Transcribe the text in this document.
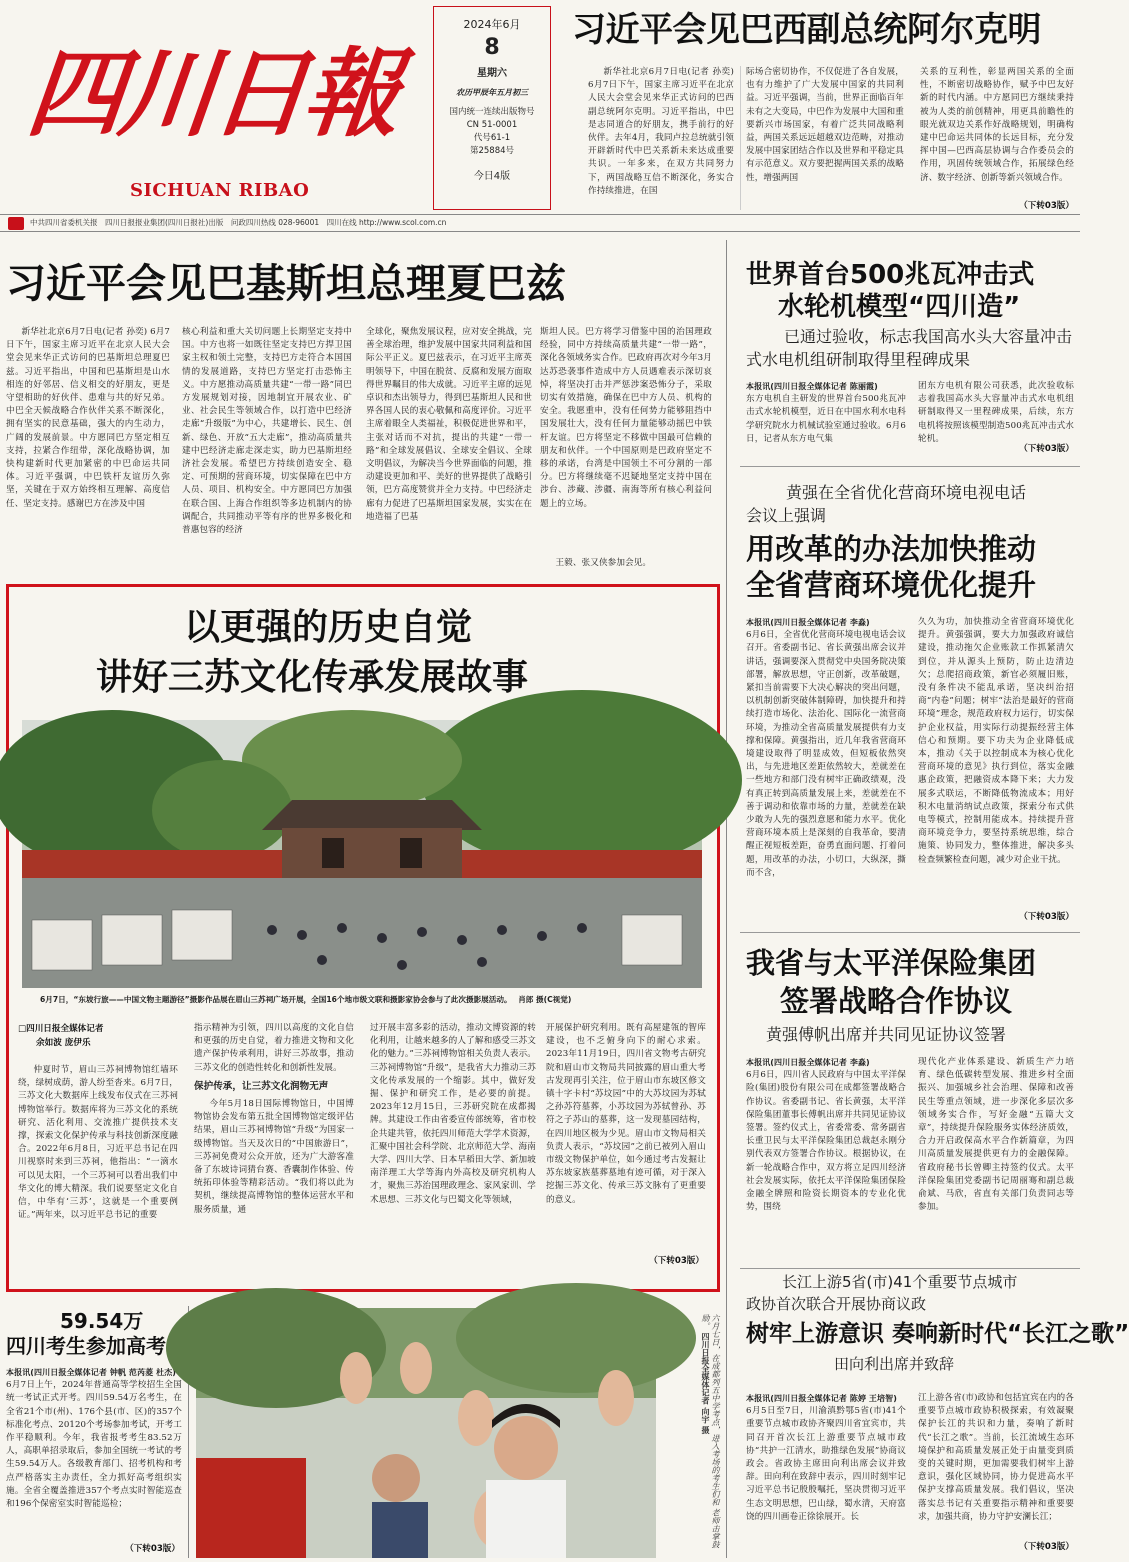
四川日報
SICHUAN RIBAO
2024年6月
8
星期六
农历甲辰年五月初三
国内统一连续出版物号
CN 51-0001
代号61-1
第25884号
今日4版
中共四川省委机关报　四川日报报业集团(四川日报社)出版　问政四川热线 028-96001　四川在线 http://www.scol.com.cn
习近平会见巴西副总统阿尔克明

新华社北京6月7日电(记者 孙奕) 6月7日下午，国家主席习近平在北京人民大会堂会见来华正式访问的巴西副总统阿尔克明。习近平指出，中巴是志同道合的好朋友，携手前行的好伙伴。去年4月，我同卢拉总统就引领开辟新时代中巴关系新未来达成重要共识。一年多来，在双方共同努力下，两国战略互信不断深化，务实合作持续推进，在国

际场合密切协作，不仅促进了各自发展，也有力维护了广大发展中国家的共同利益。习近平强调，当前，世界正面临百年未有之大变局，中巴作为发展中大国和重要新兴市场国家，有着广泛共同战略利益，两国关系远远超越双边范畴，对推动发展中国家团结合作以及世界和平稳定具有示范意义。双方要把握两国关系的战略性，增强两国

关系的互利性，彰显两国关系的全面性，不断密切战略协作，赋予中巴友好新的时代内涵。中方愿同巴方继续秉持被为人类的前创精神，用更具前瞻性的眼光就双边关系作好战略规划，明确构建中巴命运共同体的长远目标，充分发挥中国—巴西高层协调与合作委员会的作用，巩固传统领域合作，拓展绿色经济、数字经济、创新等新兴领域合作。

（下转03版）
习近平会见巴基斯坦总理夏巴兹

新华社北京6月7日电(记者 孙奕) 6月7日下午，国家主席习近平在北京人民大会堂会见来华正式访问的巴基斯坦总理夏巴兹。习近平指出，中国和巴基斯坦是山水相连的好邻居、信义相交的好朋友，更是守望相助的好伙伴、患难与共的好兄弟。中巴全天候战略合作伙伴关系不断深化，拥有坚实的民意基础，强大的内生动力，广阔的发展前景。中方愿同巴方坚定相互支持，拉紧合作纽带，深化战略协调，加快构建新时代更加紧密的中巴命运共同体。习近平强调，中巴铁杆友谊历久弥坚，关键在于双方始终相互理解、高度信任、坚定支持。感谢巴方在涉及中国

核心利益和重大关切问题上长期坚定支持中国。中方也将一如既往坚定支持巴方捍卫国家主权和领土完整，支持巴方走符合本国国情的发展道路，支持巴方坚定打击恐怖主义。中方愿推动高质量共建“一带一路”同巴方发展规划对接，因地制宜开展农业、矿业、社会民生等领域合作，以打造中巴经济走廊“升级版”为中心，共建增长、民生、创新、绿色、开放“五大走廊”，推动高质量共建中巴经济走廊走深走实，助力巴基斯坦经济社会发展。希望巴方持续创造安全、稳定、可预期的营商环境，切实保障在巴中方人员、项目、机构安全。中方愿同巴方加强在联合国、上海合作组织等多边机制内的协调配合，共同推动平等有序的世界多极化和普惠包容的经济

全球化，聚焦发展议程，应对安全挑战，完善全球治理，维护发展中国家共同利益和国际公平正义。夏巴兹表示，在习近平主席英明领导下，中国在脱贫、反腐和发展方面取得世界瞩目的伟大成就。习近平主席的远见卓识和杰出领导力，得到巴基斯坦人民和世界各国人民的衷心敬佩和高度评价。习近平主席着眼全人类福祉，积极促进世界和平，主张对话而不对抗，提出的共建“一带一路”和全球发展倡议、全球安全倡议、全球文明倡议，为解决当今世界面临的问题，推动建设更加和平、美好的世界提供了战略引领，巴方高度赞赏并全力支持。中巴经济走廊有力促进了巴基斯坦国家发展，实实在在地造福了巴基

斯坦人民。巴方将学习借鉴中国的治国理政经验，同中方持续高质量共建“一带一路”，深化各领域务实合作。巴政府再次对今年3月达苏恐袭事件造成中方人员遇难表示深切哀悼，将坚决打击并严惩涉案恐怖分子，采取切实有效措施，确保在巴中方人员、机构的安全。我愿重申，没有任何势力能够阻挡中国发展壮大，没有任何力量能够动摇巴中铁杆友谊。巴方将坚定不移做中国最可信赖的朋友和伙伴。一个中国原则是巴政府坚定不移的承诺，台湾是中国领土不可分割的一部分。巴方将继续毫不迟疑地坚定支持中国在涉台、涉藏、涉疆、南海等所有核心利益问题上的立场。

王毅、张又侠参加会见。

以更强的历史自觉
讲好三苏文化传承发展故事
6月7日，“东坡行旅——中国文物主题游径”摄影作品展在眉山三苏祠广场开展，全国16个地市级文联和摄影家协会参与了此次摄影展活动。 肖郎 摄(C视觉)
□四川日报全媒体记者
余如波 庞伊乐

仲夏时节，眉山三苏祠博物馆红墙环绕，绿树成荫，游人纷至沓来。6月7日，三苏文化大数据库上线发布仪式在三苏祠博物馆举行。数据库将为三苏文化的系统研究、活化利用、交流推广提供技术支撑，探索文化保护传承与科技创新深度融合。2022年6月8日，习近平总书记在四川视察时来到三苏祠，他指出：“一滴水可以见太阳，一个三苏祠可以看出我们中华文化的博大精深。我们说要坚定文化自信，中华有‘三苏’，这就是一个重要例证。”两年来，以习近平总书记的重要

指示精神为引领，四川以高度的文化自信和更强的历史自觉，着力推进文物和文化遗产保护传承利用，讲好三苏故事，推动三苏文化的创造性转化和创新性发展。

保护传承，让三苏文化润物无声

今年5月18日国际博物馆日，中国博物馆协会发布第五批全国博物馆定级评估结果，眉山三苏祠博物馆“升级”为国家一级博物馆。当天及次日的“中国旅游日”，三苏祠免费对公众开放，还为广大游客准备了东坡诗词猜台赛、香囊制作体验、传统拓印体验等精彩活动。“我们将以此为契机，继续提高博物馆的整体运营水平和服务质量，通

过开展丰富多彩的活动，推动文博资源的转化利用，让越来越多的人了解和感受三苏文化的魅力。”三苏祠博物馆相关负责人表示。三苏祠博物馆“升级”，是我省大力推动三苏文化传承发展的一个缩影。其中，做好发掘、保护和研究工作，是必要的前提。2023年12月15日，三苏研究院在成都揭牌。其建设工作由省委宣传部统筹，省市校企共建共管，依托四川师范大学学术资源，汇聚中国社会科学院、北京师范大学、海南大学、四川大学、日本早稻田大学、新加坡南洋理工大学等海内外高校及研究机构人才，聚焦三苏治国理政理念、家风家训、学术思想、三苏文化与巴蜀文化等领域，

开展保护研究利用。既有高屋建瓴的智库建设，也不乏俯身向下的耐心求索。2023年11月19日，四川省文物考古研究院和眉山市文物局共同披露的眉山重大考古发现再引关注，位于眉山市东坡区修文镇十字卡村“苏坟园”中的大苏坟园为苏轼之孙苏符墓葬，小苏坟园为苏轼曾孙、苏符之子苏山的墓葬，这一发现墓园结构，在四川地区极为少见。眉山市文物局相关负责人表示，“苏坟园”之前已被列入眉山市级文物保护单位，如今通过考古发掘让苏东坡家族墓葬墓地有迹可循，对于深入挖掘三苏文化、传承三苏文脉有了更重要的意义。

（下转03版）
世界首台500兆瓦冲击式
水轮机模型“四川造”
已通过验收，标志我国高水头大容量冲击
式水电机组研制取得里程碑成果
本报讯(四川日报全媒体记者 陈丽霞)

东方电机自主研发的世界首台500兆瓦冲击式水轮机模型，近日在中国水利水电科学研究院水力机械试验室通过验收。6月6日，记者从东方电气集

团东方电机有限公司获悉，此次验收标志着我国高水头大容量冲击式水电机组研制取得又一里程碑成果，后续，东方电机将按照该模型制造500兆瓦冲击式水轮机。

（下转03版）
黄强在全省优化营商环境电视电话
会议上强调
用改革的办法加快推动
全省营商环境优化提升
本报讯(四川日报全媒体记者 李淼)

6月6日，全省优化营商环境电视电话会议召开。省委副书记、省长黄强出席会议并讲话，强调要深入贯彻党中央国务院决策部署，解放思想，守正创新，改革破题，紧扣当前需要下大决心解决的突出问题，以机制创新突破体制障碍，加快提升和持续打造市场化、法治化、国际化一流营商环境，为推动全省高质量发展提供有力支撑和保障。黄强指出，近几年我省营商环境建设取得了明显成效，但短板依然突出，与先进地区差距依然较大，差就差在一些地方和部门没有树牢正确政绩观，没有真正转到高质量发展上来，差就差在不善于调动和依靠市场的力量，差就差在缺少敢为人先的强烈意愿和能力水平。优化营商环境本质上是深刻的自我革命，要清醒正视短板差距，奋勇直面问题、打着问题，用改革的办法，小切口，大纵深，撕而不含，

久久为功，加快推动全省营商环境优化提升。黄强强调，要大力加强政府诚信建设，推动拖欠企业账款工作抓紧清欠到位，并从源头上预防，防止边清边欠；总爬招商政策，新官必须履旧账，没有条件决不能乱承诺，坚决纠治招商“内卷”问题；树牢“法治是最好的营商环境”理念，规范政府权力运行，切实保护企业权益，用实际行动提振经营主体信心和预期。要下功夫为企业降低成本，推动《关于以控制成本为核心优化营商环境的意见》执行到位，落实金融惠企政策，把融资成本降下来；大力发展多式联运，不断降低物流成本；用好积木电量消纳试点政策，探索分布式供电等模式，控制用能成本。持续提升营商环境竞争力，要坚持系统思维，综合施策、协同发力，整体推进，解决多头检查频繁检查问题，减少对企业干扰。

（下转03版）
我省与太平洋保险集团
签署战略合作协议
黄强傅帆出席并共同见证协议签署
本报讯(四川日报全媒体记者 李淼)

6月6日，四川省人民政府与中国太平洋保险(集团)股份有限公司在成都签署战略合作协议。省委副书记、省长黄强，太平洋保险集团董事长傅帆出席并共同见证协议签署。签约仪式上，省委常委、常务副省长重卫民与太平洋保险集团总裁赵永刚分别代表双方签署合作协议。根据协议，在新一轮战略合作中，双方将立足四川经济社会发展实际，依托太平洋保险集团保险金融全牌照和险资长期资本的专业化优势，围绕

现代化产业体系建设、新质生产力培育、绿色低碳转型发展、推进乡村全面振兴、加强城乡社会治理、保障和改善民生等重点领域，进一步深化多层次多领域务实合作，写好金融“五篇大文章”，持续提升保险服务实体经济质效，合力开启政保高水平合作新篇章，为四川高质量发展提供更有力的金融保障。省政府秘书长曾卿主持签约仪式。太平洋保险集团党委副书记周丽骞和副总裁俞斌、马欣，省直有关部门负责同志等参加。

长江上游5省(市)41个重要节点城市
政协首次联合开展协商议政
树牢上游意识 奏响新时代“长江之歌”
田向利出席并致辞
本报讯(四川日报全媒体记者 陈婷 王培智)

6月5日至7日，川渝滇黔鄂5省(市)41个重要节点城市政协齐聚四川省宜宾市，共同召开首次长江上游重要节点城市政协“共护一江清水，助推绿色发展”协商议政会。省政协主席田向利出席会议并致辞。田向利在致辞中表示，四川时刻牢记习近平总书记殷殷嘱托，坚决贯彻习近平生态文明思想，巴山绿，蜀水清，天府富饶的四川画卷正徐徐展开。长

江上游各省(市)政协和包括宜宾在内的各重要节点城市政协积极探索，有效凝聚保护长江的共识和力量，奏响了新时代“长江之歌”。当前，长江流域生态环境保护和高质量发展正处于由量变到质变的关键时期，更加需要我们树牢上游意识，强化区域协同，协力促进高水平保护支撑高质量发展。我们倡议，坚决落实总书记有关重要指示精神和重要要求，加强共商，协力守护安澜长江；

（下转03版）
59.54万
四川考生参加高考
本报讯(四川日报全媒体记者 钟帆 范芮菱 杜杰)

6月7日上午，2024年普通高等学校招生全国统一考试正式开考。四川59.54万名考生，在全省21个市(州)、176个县(市、区)的357个标准化考点、20120个考场参加考试，开考工作平稳顺利。今年，我省报考考生83.52万人，高职单招录取后，参加全国统一考试的考生59.54万人。各级教育部门、招考机构和考点严格落实主办责任，全力抓好高考组织实施。全省全覆盖推进357个考点实时智能巡查和196个保密室实时智能巡检；

（下转03版）
六月七日，在成都列五中学考点，进入考场的考生们和 老师击掌鼓励。 四川日报全媒体记者 向宇 摄
